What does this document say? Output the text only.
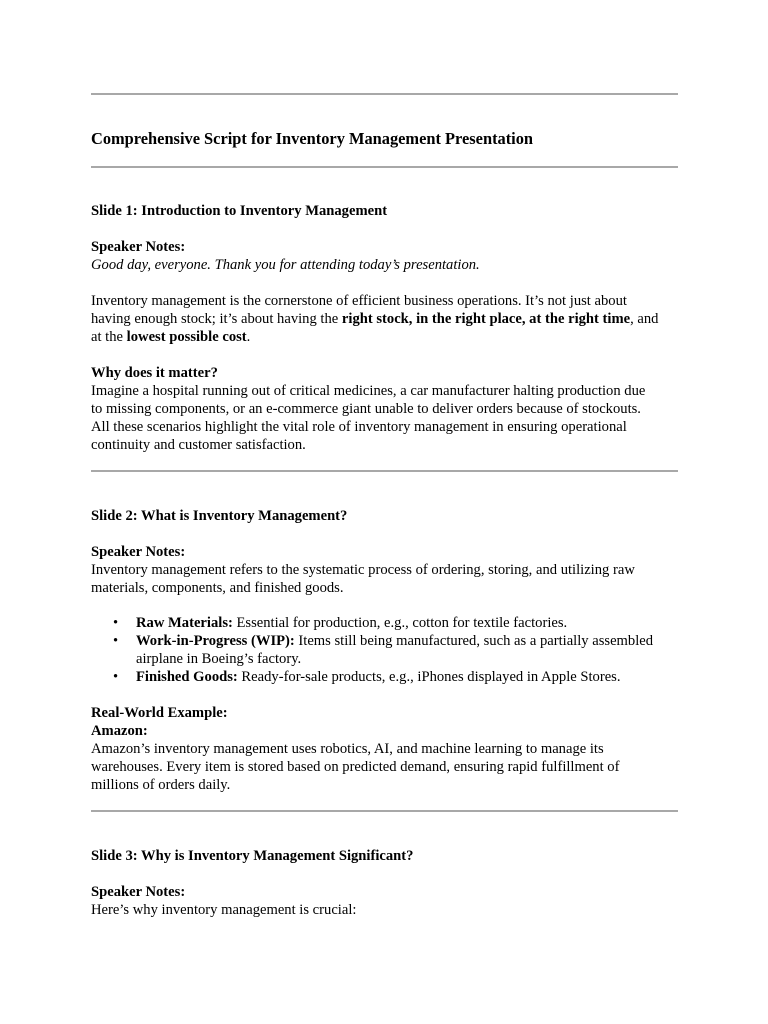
Comprehensive Script for Inventory Management Presentation

Slide 1: Introduction to Inventory Management

Speaker Notes:

Good day, everyone. Thank you for attending today’s presentation.

Inventory management is the cornerstone of efficient business operations. It’s not just about

having enough stock; it’s about having the right stock, in the right place, at the right time, and

at the lowest possible cost.

Why does it matter?

Imagine a hospital running out of critical medicines, a car manufacturer halting production due

to missing components, or an e-commerce giant unable to deliver orders because of stockouts.

All these scenarios highlight the vital role of inventory management in ensuring operational

continuity and customer satisfaction.

Slide 2: What is Inventory Management?

Speaker Notes:

Inventory management refers to the systematic process of ordering, storing, and utilizing raw

materials, components, and finished goods.

• Raw Materials: Essential for production, e.g., cotton for textile factories.
• Work-in-Progress (WIP): Items still being manufactured, such as a partially assembled
airplane in Boeing’s factory.
• Finished Goods: Ready-for-sale products, e.g., iPhones displayed in Apple Stores.

Real-World Example:

Amazon:

Amazon’s inventory management uses robotics, AI, and machine learning to manage its

warehouses. Every item is stored based on predicted demand, ensuring rapid fulfillment of

millions of orders daily.

Slide 3: Why is Inventory Management Significant?

Speaker Notes:

Here’s why inventory management is crucial:
